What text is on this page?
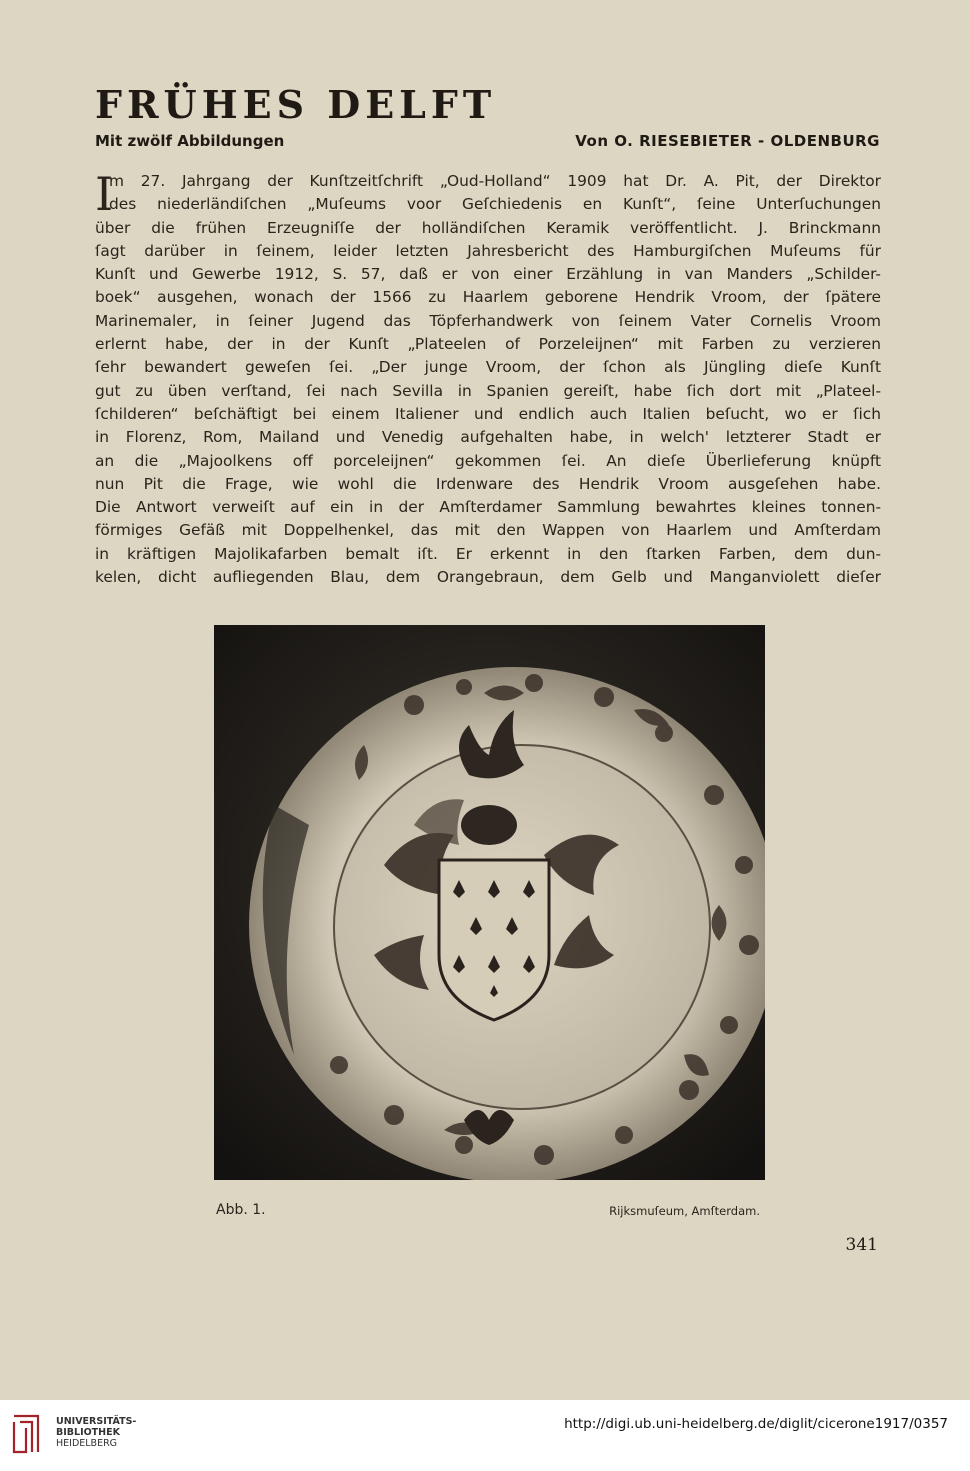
FRÜHES DELFT
Mit zwölf Abbildungen	Von O. RIESEBIETER - OLDENBURG
I
m 27. Jahrgang der Kunſtzeitſchrift „Oud-Holland“ 1909 hat Dr. A. Pit, der Direktor
des niederländiſchen „Muſeums voor Geſchiedenis en Kunſt“, ſeine Unterſuchungen
über die frühen Erzeugniſſe der holländiſchen Keramik veröffentlicht. J. Brinckmann
ſagt darüber in ſeinem, leider letzten Jahresbericht des Hamburgiſchen Muſeums für
Kunſt und Gewerbe 1912, S. 57, daß er von einer Erzählung in van Manders „Schilder-
boek“ ausgehen, wonach der 1566 zu Haarlem geborene Hendrik Vroom, der ſpätere
Marinemaler, in ſeiner Jugend das Töpferhandwerk von ſeinem Vater Cornelis Vroom
erlernt habe, der in der Kunſt „Plateelen of Porzeleijnen“ mit Farben zu verzieren
ſehr bewandert geweſen ſei. „Der junge Vroom, der ſchon als Jüngling dieſe Kunſt
gut zu üben verſtand, ſei nach Sevilla in Spanien gereiſt, habe ſich dort mit „Plateel-
ſchilderen“ beſchäftigt bei einem Italiener und endlich auch Italien beſucht, wo er ſich
in Florenz, Rom, Mailand und Venedig aufgehalten habe, in welch' letzterer Stadt er
an die „Majoolkens off porceleijnen“ gekommen ſei. An dieſe Überlieferung knüpft
nun Pit die Frage, wie wohl die Irdenware des Hendrik Vroom ausgeſehen habe.
Die Antwort verweiſt auf ein in der Amſterdamer Sammlung bewahrtes kleines tonnen-
förmiges Gefäß mit Doppelhenkel, das mit den Wappen von Haarlem und Amſterdam
in kräftigen Majolikafarben bemalt iſt. Er erkennt in den ſtarken Farben, dem dun-
kelen, dicht aufliegenden Blau, dem Orangebraun, dem Gelb und Manganviolett dieſer
Abb. 1.	Rijksmuſeum, Amſterdam.
341
UNIVERSITÄTS-
BIBLIOTHEK
HEIDELBERG
http://digi.ub.uni-heidelberg.de/diglit/cicerone1917/0357
